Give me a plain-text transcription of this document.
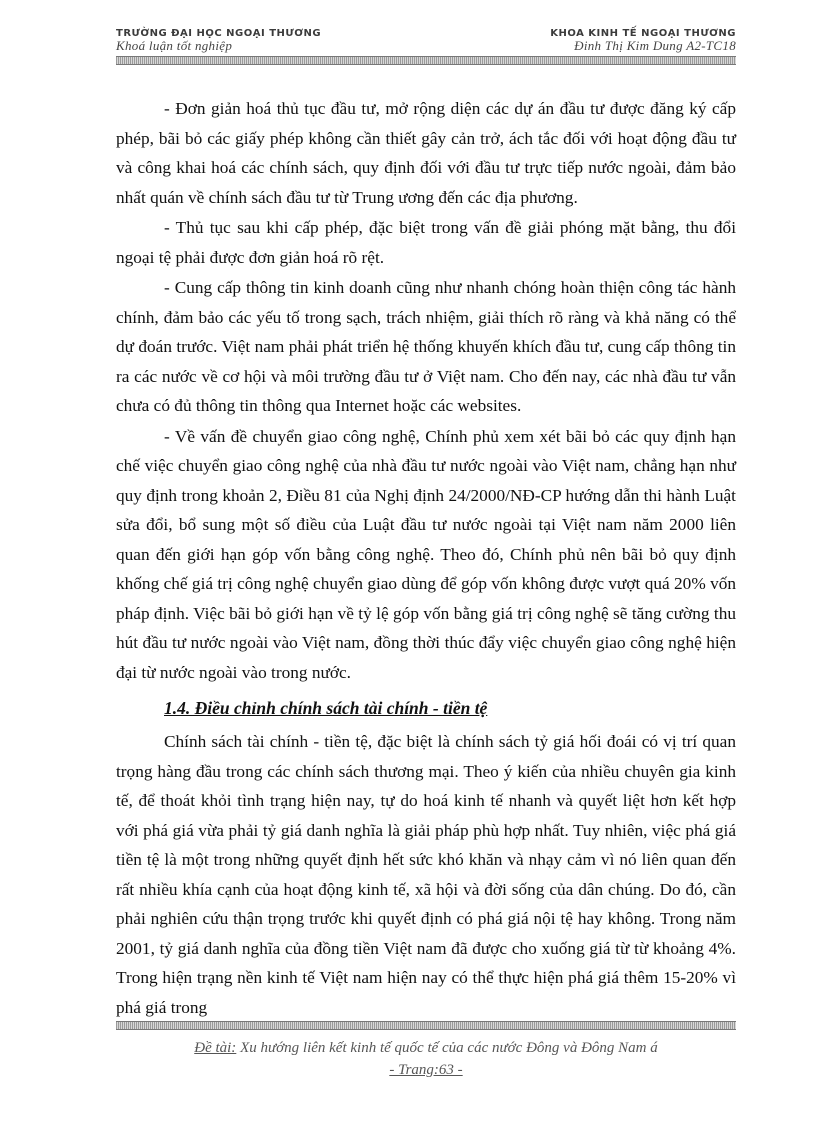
TRƯỜNG ĐẠI HỌC NGOẠI THƯƠNG
Khoá luận tốt nghiệp
KHOA KINH TẾ NGOẠI THƯƠNG
Đinh Thị Kim Dung A2-TC18

- Đơn giản hoá thủ tục đầu tư, mở rộng diện các dự án đầu tư được đăng ký cấp phép, bãi bỏ các giấy phép không cần thiết gây cản trở, ách tắc đối với hoạt động đầu tư và công khai hoá các chính sách, quy định đối với đầu tư trực tiếp nước ngoài, đảm bảo nhất quán về chính sách đầu tư từ Trung ương đến các địa phương.

- Thủ tục sau khi cấp phép, đặc biệt trong vấn đề giải phóng mặt bằng, thu đổi ngoại tệ phải được đơn giản hoá rõ rệt.

- Cung cấp thông tin kinh doanh cũng như nhanh chóng hoàn thiện công tác hành chính, đảm bảo các yếu tố trong sạch, trách nhiệm, giải thích rõ ràng và khả năng có thể dự đoán trước. Việt nam phải phát triển hệ thống khuyến khích đầu tư, cung cấp thông tin ra các nước về cơ hội và môi trường đầu tư ở Việt nam. Cho đến nay, các nhà đầu tư vẫn chưa có đủ thông tin thông qua Internet hoặc các websites.

- Về vấn đề chuyển giao công nghệ, Chính phủ xem xét bãi bỏ các quy định hạn chế việc chuyển giao công nghệ của nhà đầu tư nước ngoài vào Việt nam, chẳng hạn như quy định trong khoản 2, Điều 81 của Nghị định 24/2000/NĐ-CP hướng dẫn thi hành Luật sửa đổi, bổ sung một số điều của Luật đầu tư nước ngoài tại Việt nam năm 2000 liên quan đến giới hạn góp vốn bằng công nghệ. Theo đó, Chính phủ nên bãi bỏ quy định khống chế giá trị công nghệ chuyển giao dùng để góp vốn không được vượt quá 20% vốn pháp định. Việc bãi bỏ giới hạn về tỷ lệ góp vốn bằng giá trị công nghệ sẽ tăng cường thu hút đầu tư nước ngoài vào Việt nam, đồng thời thúc đẩy việc chuyển giao công nghệ hiện đại từ nước ngoài vào trong nước.

1.4. Điều chỉnh chính sách tài chính - tiền tệ

Chính sách tài chính - tiền tệ, đặc biệt là chính sách tỷ giá hối đoái có vị trí quan trọng hàng đầu trong các chính sách thương mại. Theo ý kiến của nhiều chuyên gia kinh tế, để thoát khỏi tình trạng hiện nay, tự do hoá kinh tế nhanh và quyết liệt hơn kết hợp với phá giá vừa phải tỷ giá danh nghĩa là giải pháp phù hợp nhất. Tuy nhiên, việc phá giá tiền tệ là một trong những quyết định hết sức khó khăn và nhạy cảm vì nó liên quan đến rất nhiều khía cạnh của hoạt động kinh tế, xã hội và đời sống của dân chúng. Do đó, cần phải nghiên cứu thận trọng trước khi quyết định có phá giá nội tệ hay không. Trong năm 2001, tỷ giá danh nghĩa của đồng tiền Việt nam đã được cho xuống giá từ từ khoảng 4%. Trong hiện trạng nền kinh tế Việt nam hiện nay có thể thực hiện phá giá thêm 15-20% vì phá giá trong

Đề tài: Xu hướng liên kết kinh tế quốc tế của các nước Đông và Đông Nam á
- Trang:63 -
